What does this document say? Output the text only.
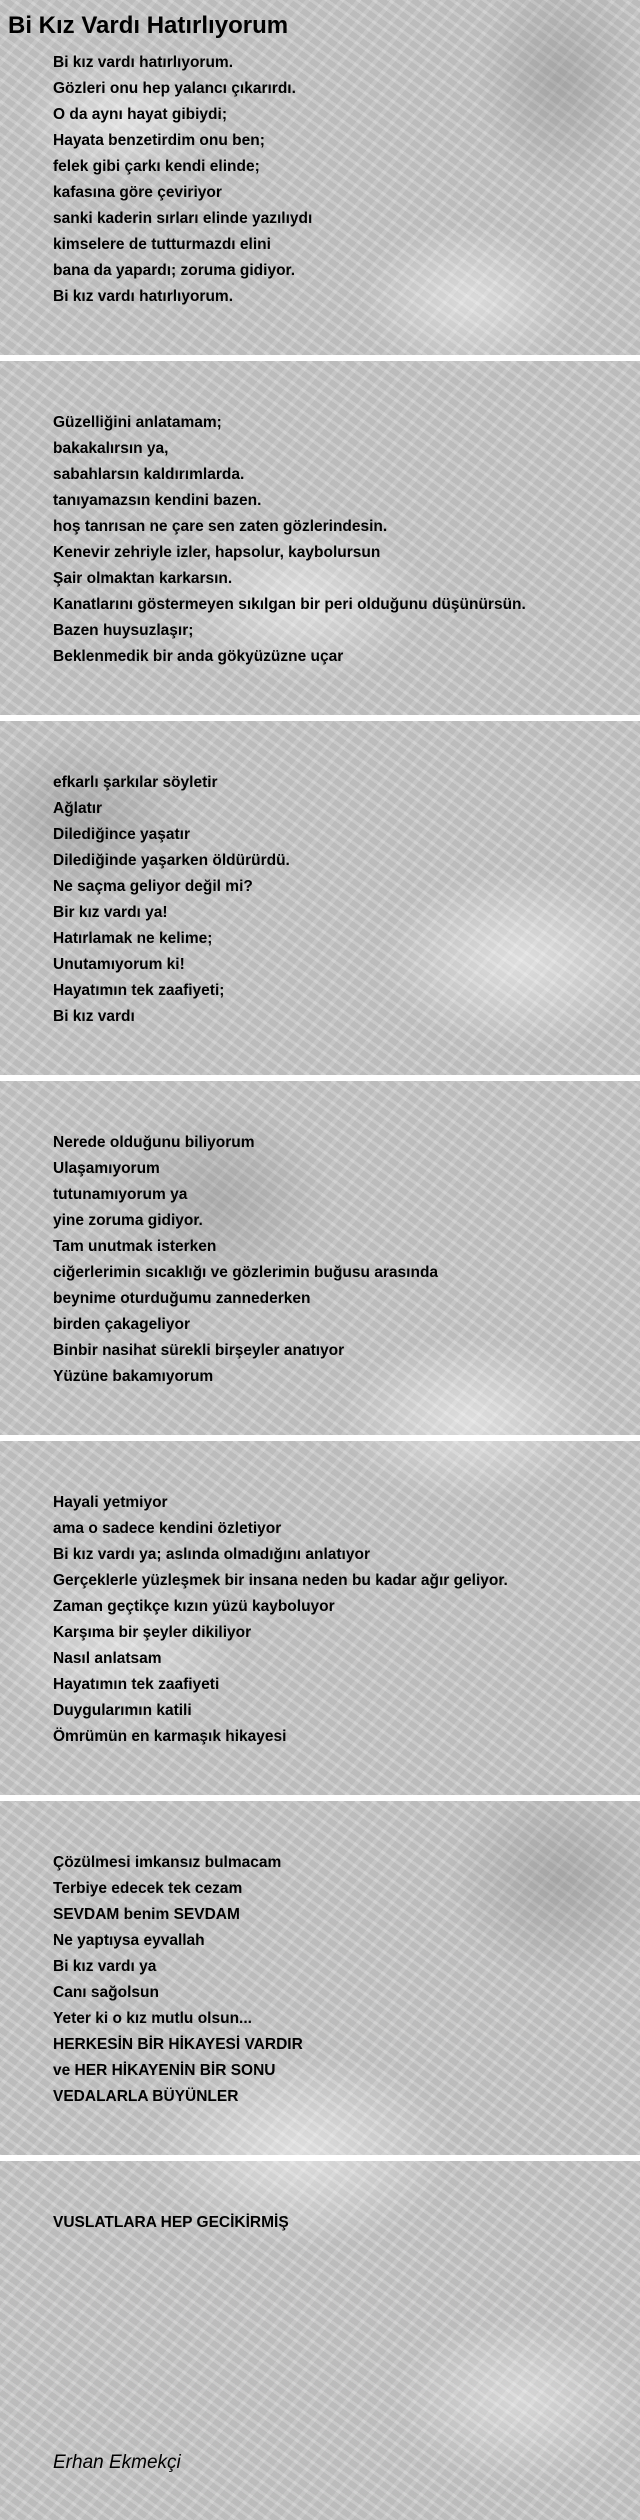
Bi Kız Vardı Hatırlıyorum
Bi kız vardı hatırlıyorum.
Gözleri onu hep yalancı çıkarırdı.
O da aynı hayat gibiydi;
Hayata benzetirdim onu ben;
felek gibi çarkı kendi elinde;
kafasına göre çeviriyor
sanki kaderin sırları elinde yazılıydı
kimselere de tutturmazdı elini
bana da yapardı; zoruma gidiyor.
Bi kız vardı hatırlıyorum.
Güzelliğini anlatamam;
bakakalırsın ya,
sabahlarsın kaldırımlarda.
tanıyamazsın kendini bazen.
hoş tanrısan ne çare sen zaten gözlerindesin.
Kenevir zehriyle izler, hapsolur, kaybolursun
Şair olmaktan karkarsın.
Kanatlarını göstermeyen sıkılgan bir peri olduğunu düşünürsün.
Bazen huysuzlaşır;
Beklenmedik bir anda gökyüzüzne uçar
efkarlı şarkılar söyletir
Ağlatır
Dilediğince yaşatır
Dilediğinde yaşarken öldürürdü.
Ne saçma geliyor değil mi?
Bir kız vardı ya!
Hatırlamak ne kelime;
Unutamıyorum ki!
Hayatımın tek zaafiyeti;
Bi kız vardı
Nerede olduğunu biliyorum
Ulaşamıyorum
tutunamıyorum ya
yine zoruma gidiyor.
Tam unutmak isterken
ciğerlerimin sıcaklığı ve gözlerimin buğusu arasında
beynime oturduğumu zannederken
birden çakageliyor
Binbir nasihat sürekli birşeyler anatıyor
Yüzüne bakamıyorum
Hayali yetmiyor
ama o sadece kendini özletiyor
Bi kız vardı ya; aslında olmadığını anlatıyor
Gerçeklerle yüzleşmek bir insana neden bu kadar ağır geliyor.
Zaman geçtikçe kızın yüzü kayboluyor
Karşıma bir şeyler dikiliyor
Nasıl anlatsam
Hayatımın tek zaafiyeti
Duygularımın katili
Ömrümün en karmaşık hikayesi
Çözülmesi imkansız bulmacam
Terbiye edecek tek cezam
SEVDAM benim SEVDAM
Ne yaptıysa eyvallah
Bi kız vardı ya
Canı sağolsun
Yeter ki o kız mutlu olsun...
HERKESİN BİR HİKAYESİ VARDIR
ve HER HİKAYENİN BİR SONU
VEDALARLA BÜYÜNLER
VUSLATLARA HEP GECİKİRMİŞ

Erhan Ekmekçi
